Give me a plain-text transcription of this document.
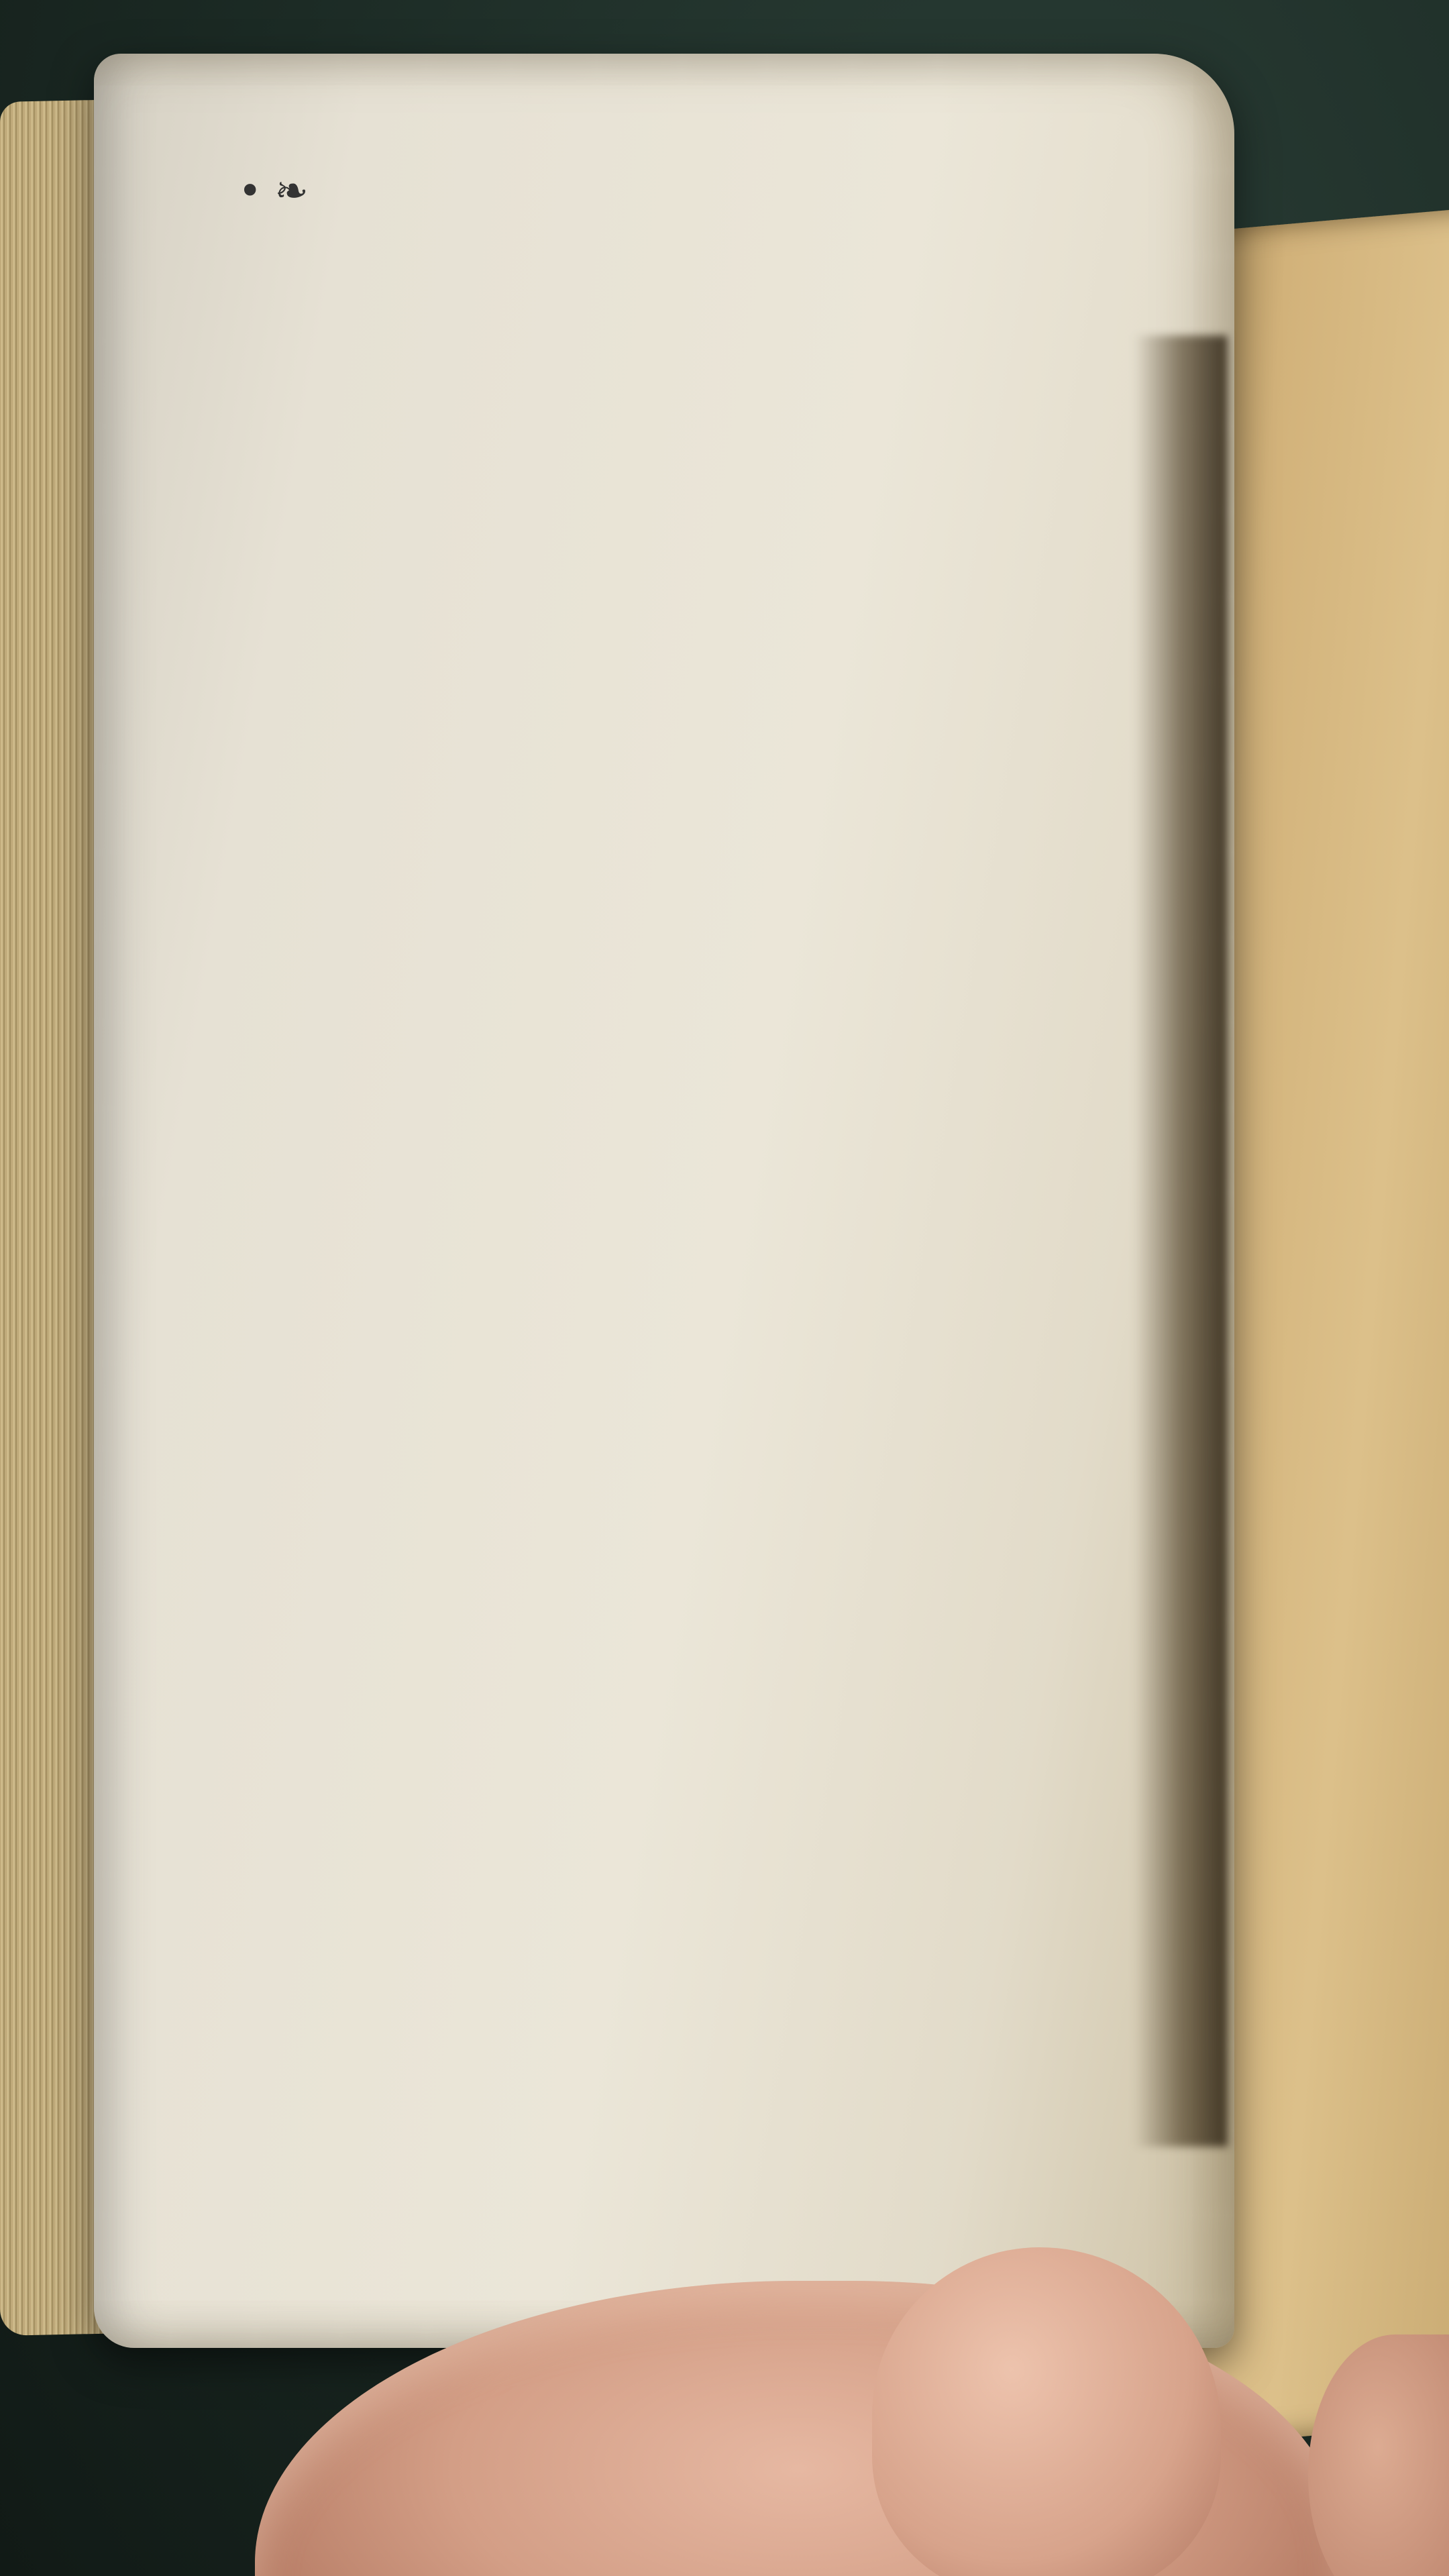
• ❧
